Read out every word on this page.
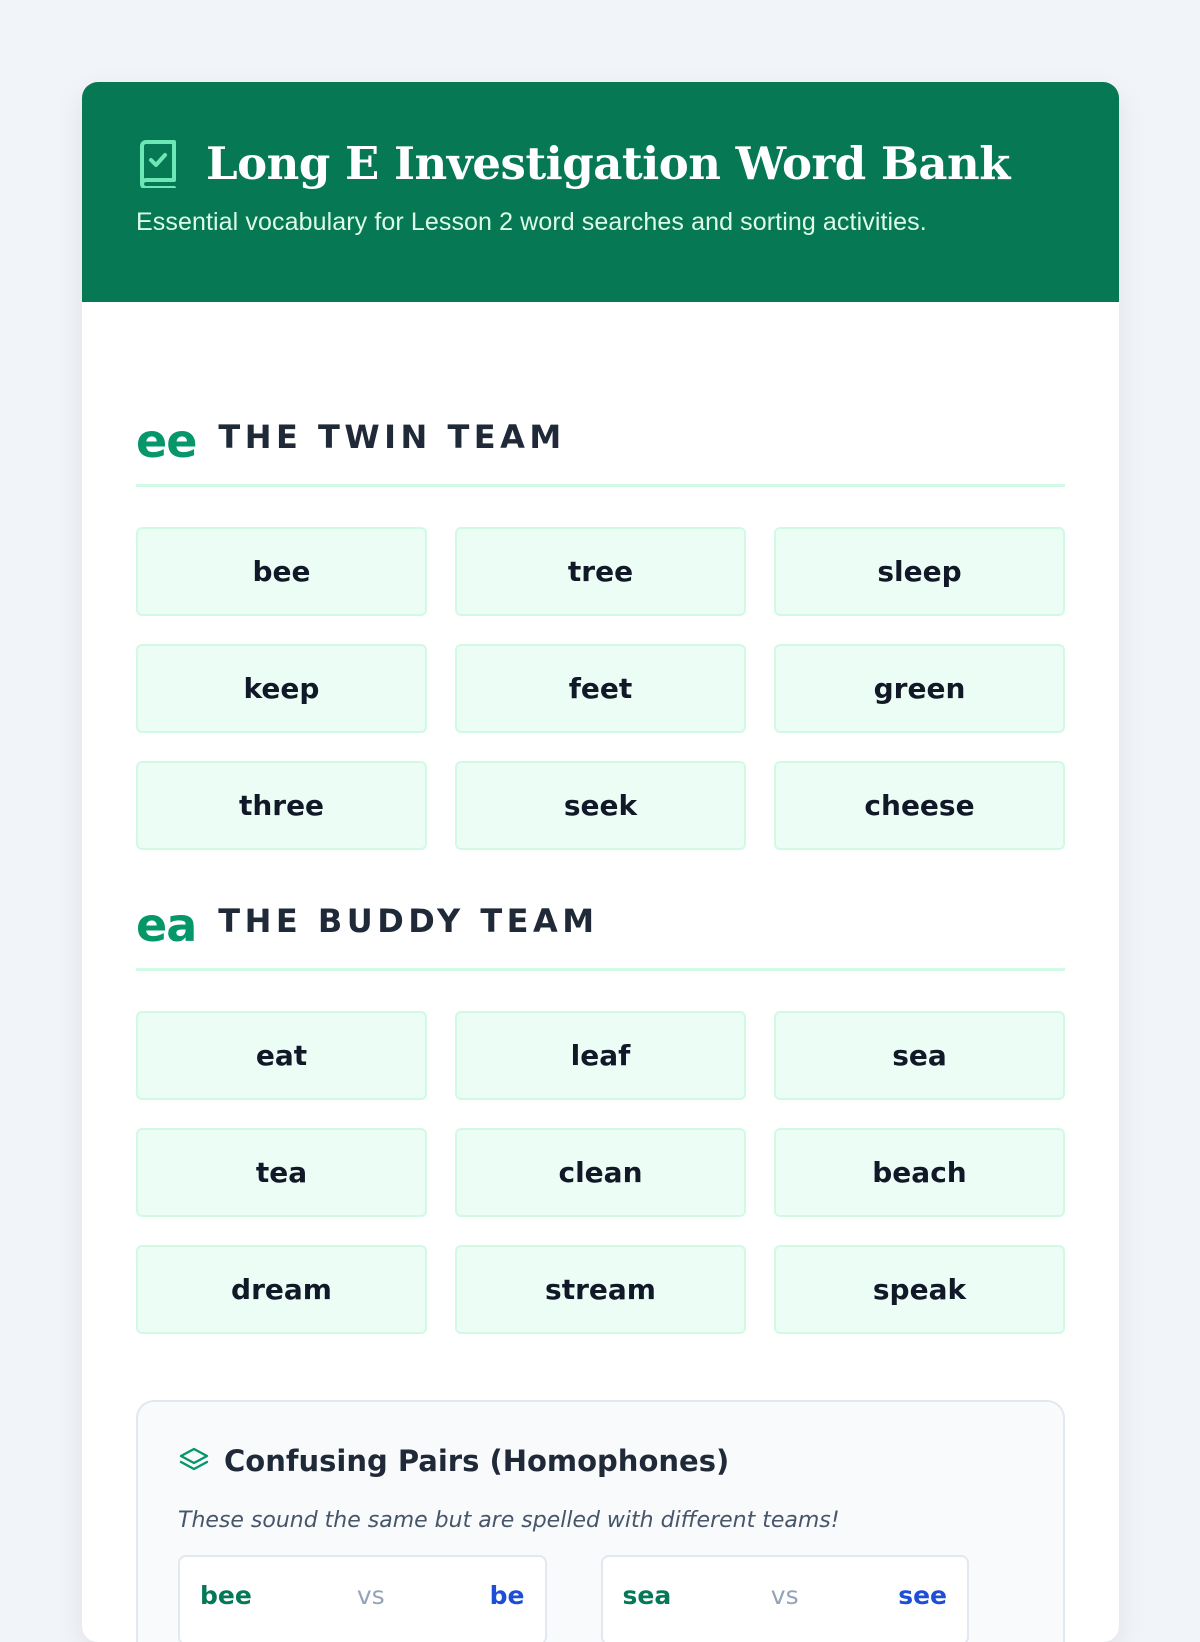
Long E Investigation Word Bank

Essential vocabulary for Lesson 2 word searches and sorting activities.

ee THE TWIN TEAM
bee	tree	sleep
keep	feet	green
three	seek	cheese
ea THE BUDDY TEAM
eat	leaf	sea
tea	clean	beach
dream	stream	speak
Confusing Pairs (Homophones)

These sound the same but are spelled with different teams!

bee	vs	be	sea	vs	see
